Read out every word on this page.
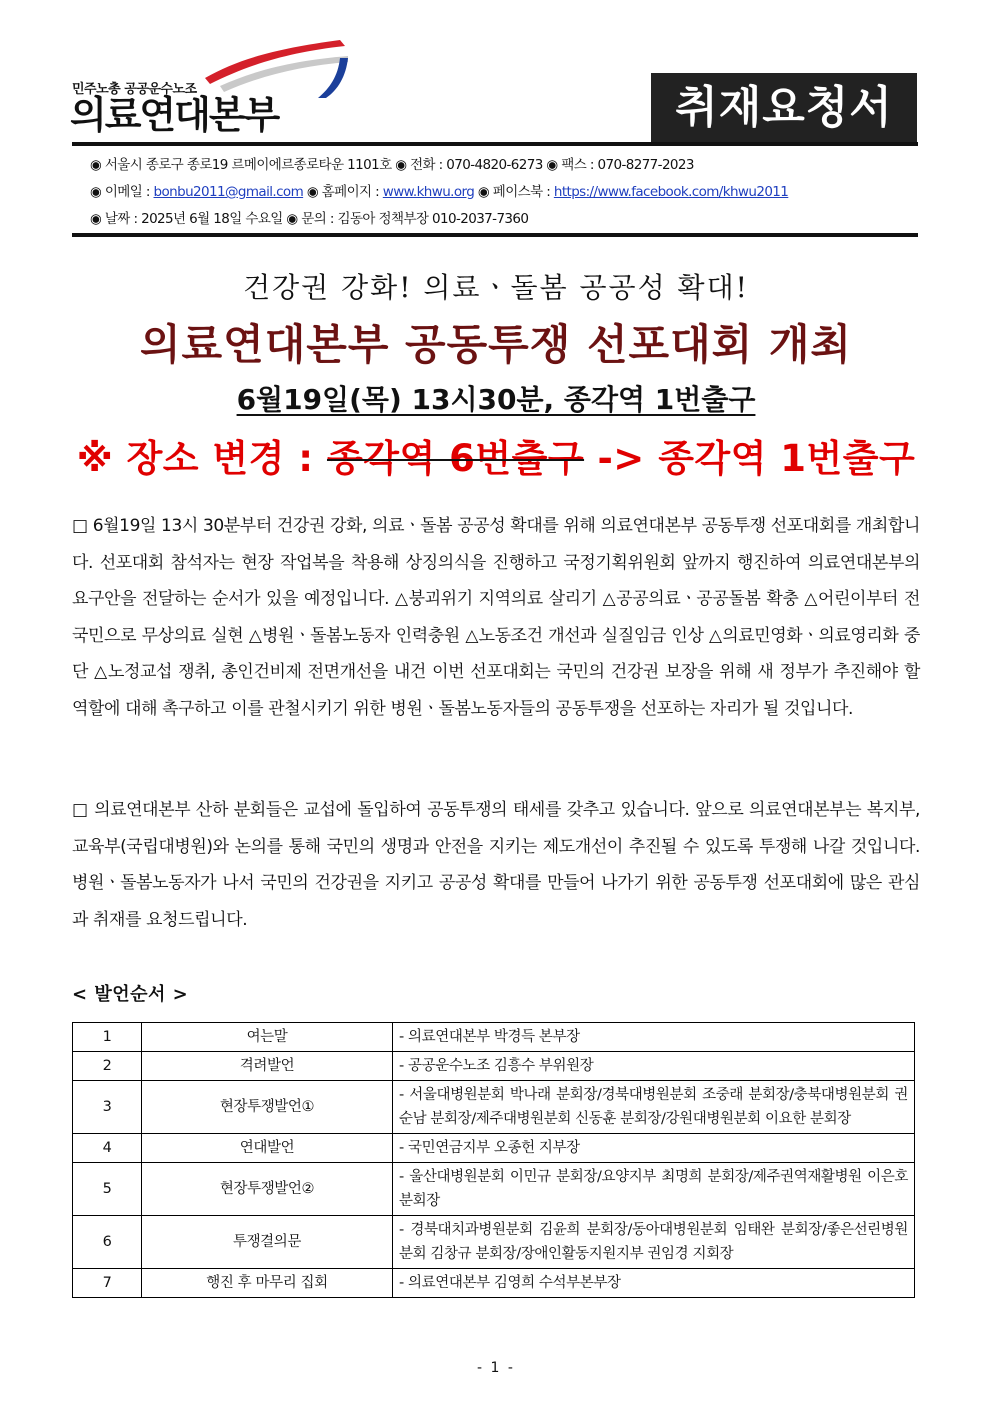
민주노총 공공운수노조
의료연대본부	취재요청서
◉ 서울시 종로구 종로19 르메이에르종로타운 1101호 ◉ 전화 : 070-4820-6273 ◉ 팩스 : 070-8277-2023
◉ 이메일 : bonbu2011@gmail.com ◉ 홈페이지 : www.khwu.org ◉ 페이스북 : https://www.facebook.com/khwu2011
◉ 날짜 : 2025년 6월 18일 수요일 ◉ 문의 : 김동아 정책부장 010-2037-7360
건강권 강화! 의료ㆍ돌봄 공공성 확대!
의료연대본부 공동투쟁 선포대회 개최
6월19일(목) 13시30분, 종각역 1번출구
※ 장소 변경 : 종각역 6번출구 -> 종각역 1번출구
□ 6월19일 13시 30분부터 건강권 강화, 의료ㆍ돌봄 공공성 확대를 위해 의료연대본부 공동투쟁 선포대회를 개최합니다. 선포대회 참석자는 현장 작업복을 착용해 상징의식을 진행하고 국정기획위원회 앞까지 행진하여 의료연대본부의 요구안을 전달하는 순서가 있을 예정입니다. △붕괴위기 지역의료 살리기 △공공의료ㆍ공공돌봄 확충 △어린이부터 전국민으로 무상의료 실현 △병원ㆍ돌봄노동자 인력충원 △노동조건 개선과 실질임금 인상 △의료민영화ㆍ의료영리화 중단 △노정교섭 쟁취, 총인건비제 전면개선을 내건 이번 선포대회는 국민의 건강권 보장을 위해 새 정부가 추진해야 할 역할에 대해 촉구하고 이를 관철시키기 위한 병원ㆍ돌봄노동자들의 공동투쟁을 선포하는 자리가 될 것입니다.
□ 의료연대본부 산하 분회들은 교섭에 돌입하여 공동투쟁의 태세를 갖추고 있습니다. 앞으로 의료연대본부는 복지부, 교육부(국립대병원)와 논의를 통해 국민의 생명과 안전을 지키는 제도개선이 추진될 수 있도록 투쟁해 나갈 것입니다. 병원ㆍ돌봄노동자가 나서 국민의 건강권을 지키고 공공성 확대를 만들어 나가기 위한 공동투쟁 선포대회에 많은 관심과 취재를 요청드립니다.
< 발언순서 >
1	여는말	- 의료연대본부 박경득 본부장
2	격려발언	- 공공운수노조 김흥수 부위원장
3	현장투쟁발언①	- 서울대병원분회 박나래 분회장/경북대병원분회 조중래 분회장/충북대병원분회 권순남 분회장/제주대병원분회 신동훈 분회장/강원대병원분회 이요한 분회장
4	연대발언	- 국민연금지부 오종헌 지부장
5	현장투쟁발언②	- 울산대병원분회 이민규 분회장/요양지부 최명희 분회장/제주권역재활병원 이은호 분회장
6	투쟁결의문	- 경북대치과병원분회 김윤희 분회장/동아대병원분회 임태완 분회장/좋은선린병원분회 김창규 분회장/장애인활동지원지부 권임경 지회장
7	행진 후 마무리 집회	- 의료연대본부 김영희 수석부본부장
- 1 -
